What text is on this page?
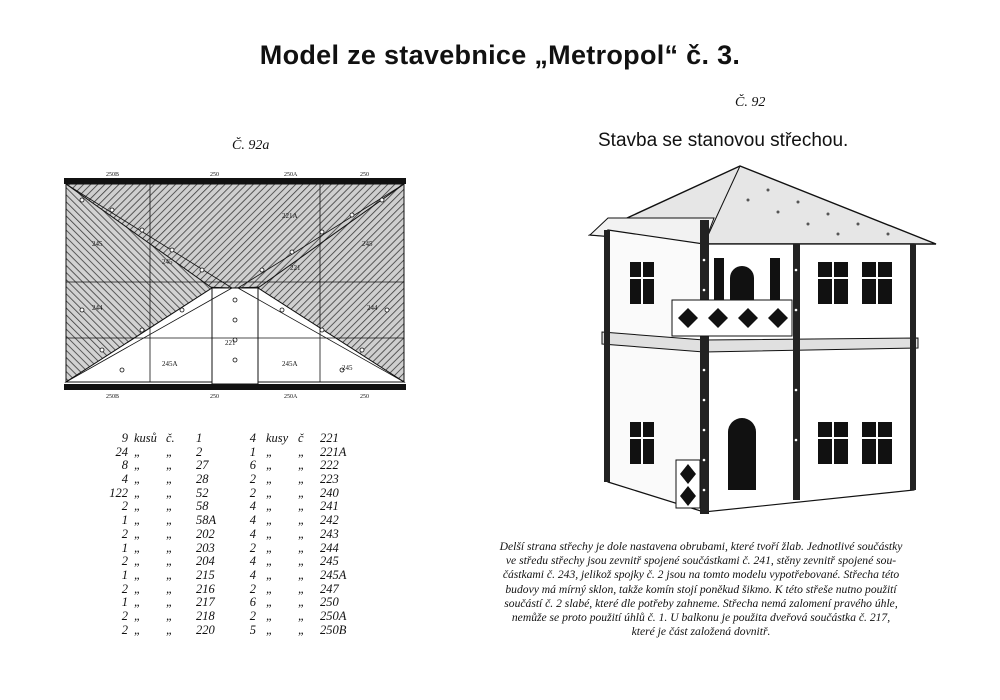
Model ze stavebnice „Metropol“ č. 3.
Č. 92a
Č. 92
Stavba se stanovou střechou.
250B	250	250A	250
250B	250	250A	250
221A
245	245
244	244
221
245
245A	245A	245
221
9 kusů č. 1
24 „ „ 2
8 „ „ 27
4 „ „ 28
122 „ „ 52
2 „ „ 58
1 „ „ 58A
2 „ „ 202
1 „ „ 203
2 „ „ 204
1 „ „ 215
2 „ „ 216
1 „ „ 217
2 „ „ 218
2 „ „ 220
4 kusy č 221
1 „ „ 221A
6 „ „ 222
2 „ „ 223
2 „ „ 240
4 „ „ 241
4 „ „ 242
4 „ „ 243
2 „ „ 244
4 „ „ 245
4 „ „ 245A
2 „ „ 247
6 „ „ 250
2 „ „ 250A
5 „ „ 250B
Delší strana střechy je dole nastavena obrubami, které tvoří žlab. Jednotlivé součástky
ve středu střechy jsou zevnitř spojené součástkami č. 241, stěny zevnitř spojené sou-
částkami č. 243, jelikož spojky č. 2 jsou na tomto modelu vypotřebované. Střecha této
budovy má mírný sklon, takže komín stojí poněkud šikmo. K této střeše nutno použití
součástí č. 2 slabé, které dle potřeby zahneme. Střecha nemá zalomení pravého úhle,
nemůže se proto použití úhlů č. 1. U balkonu je použita dveřová součástka č. 217,
které je část založená dovnitř.
